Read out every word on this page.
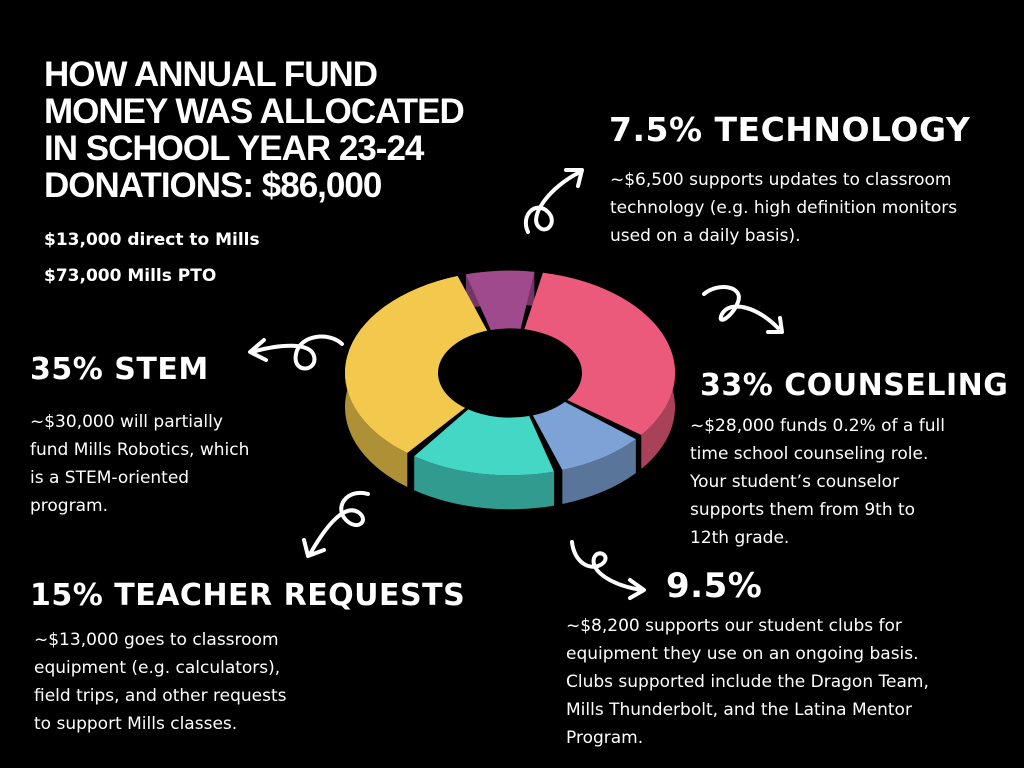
HOW ANNUAL FUND
MONEY WAS ALLOCATED
IN SCHOOL YEAR 23-24
DONATIONS: $86,000
$13,000 direct to Mills
$73,000 Mills PTO
7.5% TECHNOLOGY
~$6,500 supports updates to classroom
technology (e.g. high definition monitors
used on a daily basis).
35% STEM
~$30,000 will partially
fund Mills Robotics, which
is a STEM-oriented
program.
33% COUNSELING
~$28,000 funds 0.2% of a full
time school counseling role.
Your student’s counselor
supports them from 9th to
12th grade.
15% TEACHER REQUESTS
~$13,000 goes to classroom
equipment (e.g. calculators),
field trips, and other requests
to support Mills classes.
9.5%
~$8,200 supports our student clubs for
equipment they use on an ongoing basis.
Clubs supported include the Dragon Team,
Mills Thunderbolt, and the Latina Mentor
Program.
